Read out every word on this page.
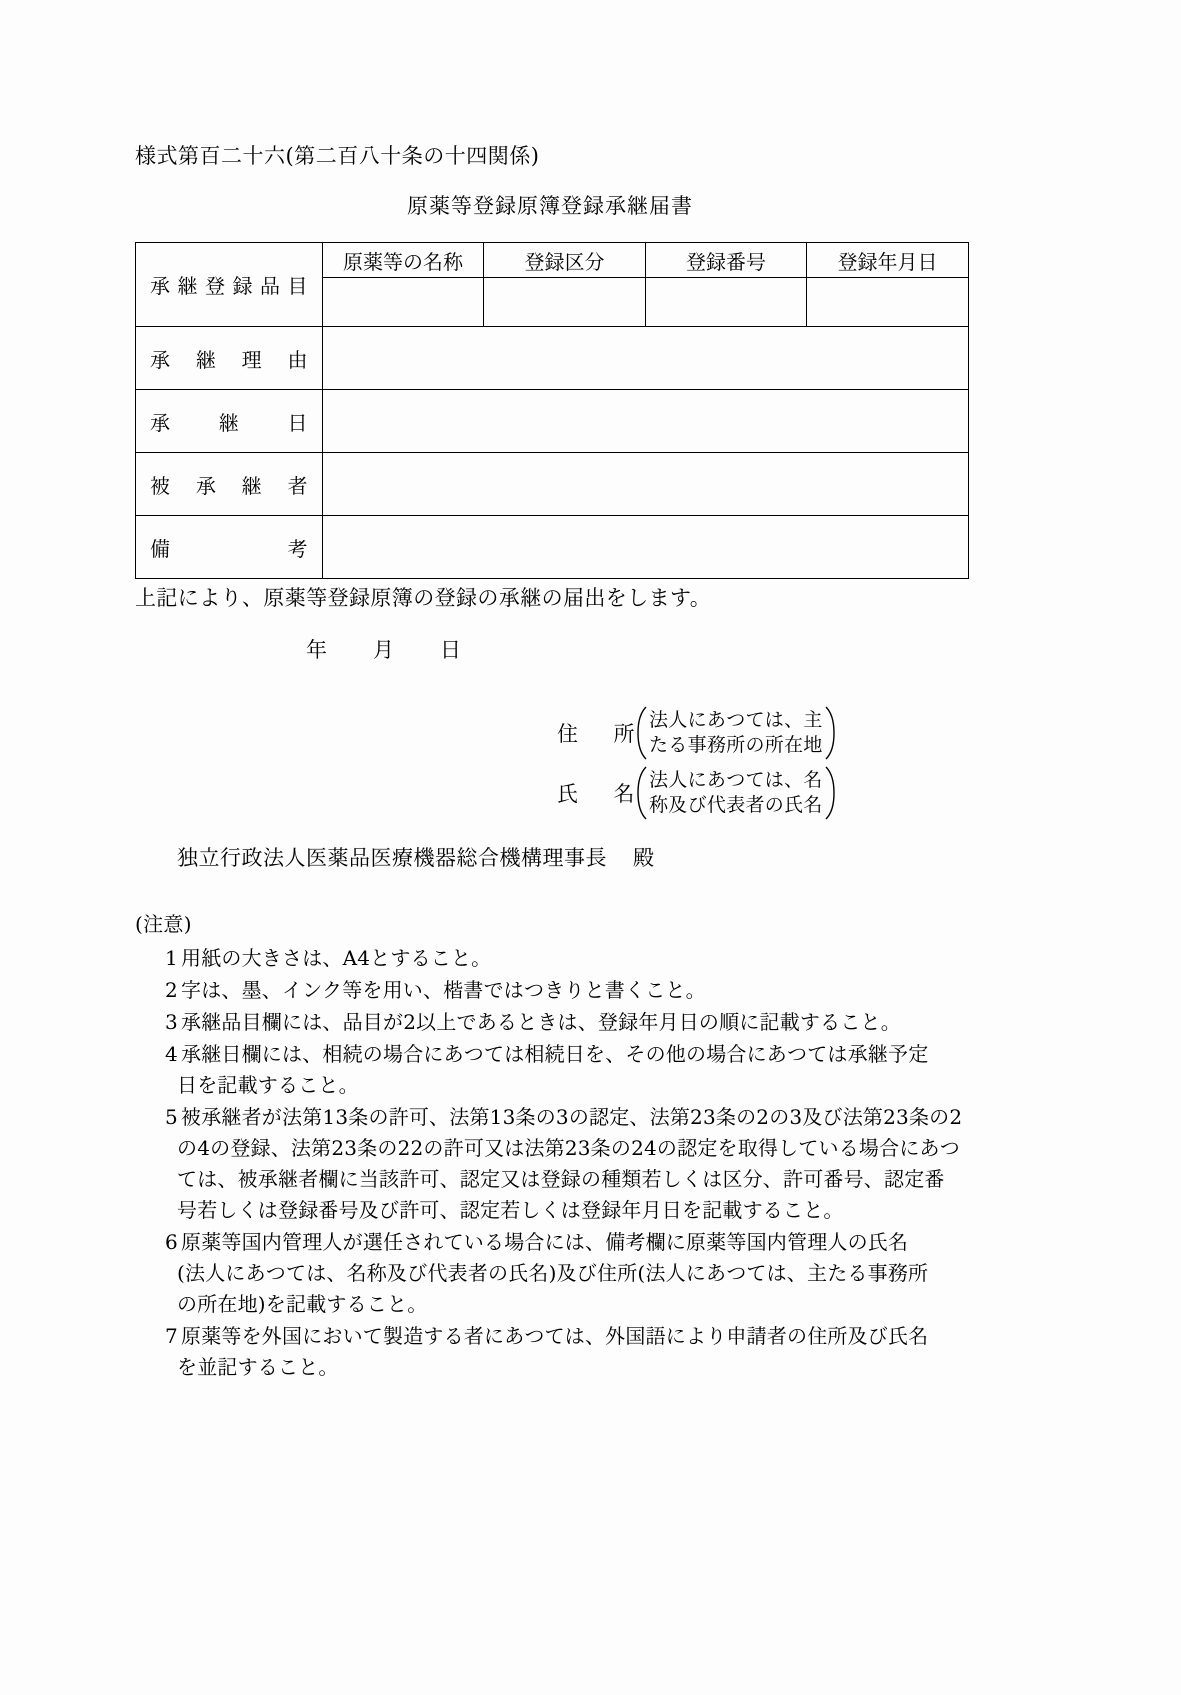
様式第百二十六(第二百八十条の十四関係)
原薬等登録原簿登録承継届書
承継登録品目	原薬等の名称	登録区分	登録番号	登録年月日

承継理由				

承継日				

被承継者				

備考				

上記により、原薬等登録原簿の登録の承継の届出をします。
年 月 日
住所
法人にあつては、主
たる事務所の所在地
氏名
法人にあつては、名
称及び代表者の氏名
独立行政法人医薬品医療機器総合機構理事長 殿
(注意)
1 用紙の大きさは、A4とすること。
2 字は、墨、インク等を用い、楷書ではつきりと書くこと。
3 承継品目欄には、品目が2以上であるときは、登録年月日の順に記載すること。
4 承継日欄には、相続の場合にあつては相続日を、その他の場合にあつては承継予定
日を記載すること。
5 被承継者が法第13条の許可、法第13条の3の認定、法第23条の2の3及び法第23条の2
の4の登録、法第23条の22の許可又は法第23条の24の認定を取得している場合にあつ
ては、被承継者欄に当該許可、認定又は登録の種類若しくは区分、許可番号、認定番
号若しくは登録番号及び許可、認定若しくは登録年月日を記載すること。
6 原薬等国内管理人が選任されている場合には、備考欄に原薬等国内管理人の氏名
(法人にあつては、名称及び代表者の氏名)及び住所(法人にあつては、主たる事務所
の所在地)を記載すること。
7 原薬等を外国において製造する者にあつては、外国語により申請者の住所及び氏名
を並記すること。
